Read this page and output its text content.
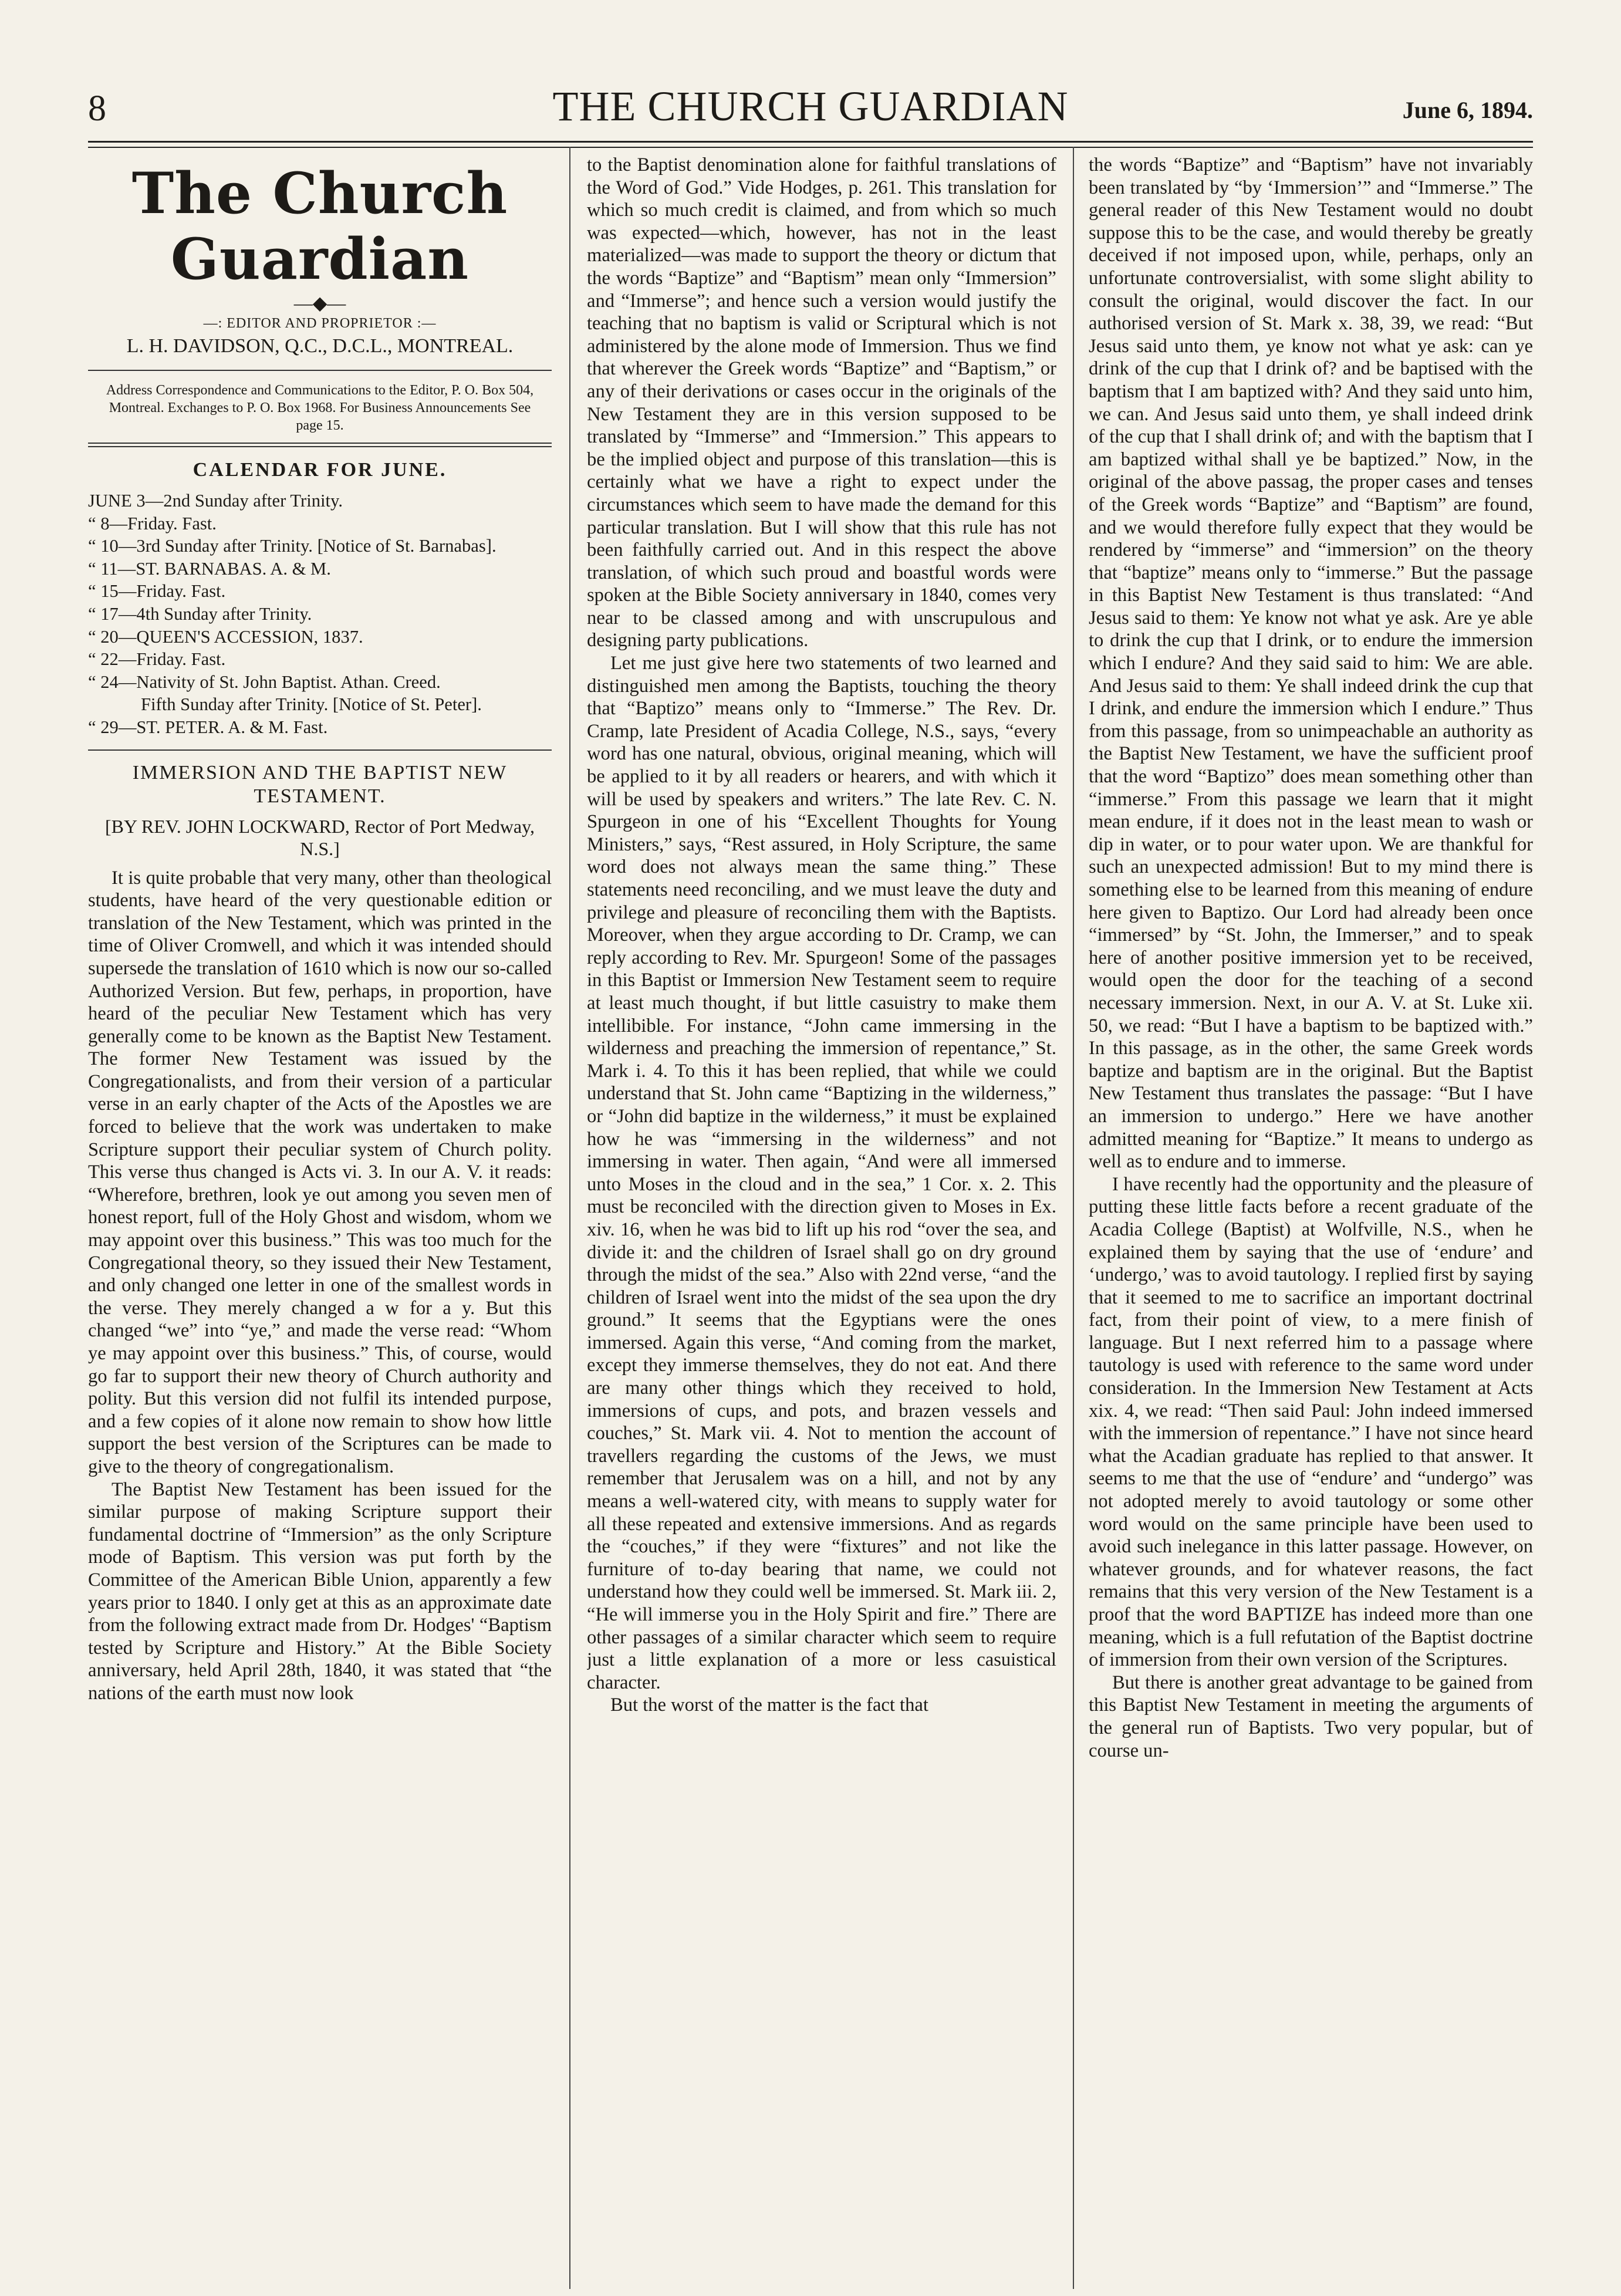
8	THE CHURCH GUARDIAN	June 6, 1894.
The Church Guardian
—◆—
—: EDITOR AND PROPRIETOR :—
L. H. DAVIDSON, Q.C., D.C.L., MONTREAL.
Address Correspondence and Communications to the Editor, P. O. Box 504, Montreal. Exchanges to P. O. Box 1968. For Business Announcements See page 15.
CALENDAR FOR JUNE.
JUNE 3—2nd Sunday after Trinity.
“ 8—Friday. Fast.
“ 10—3rd Sunday after Trinity. [Notice of St. Barnabas].
“ 11—ST. BARNABAS. A. & M.
“ 15—Friday. Fast.
“ 17—4th Sunday after Trinity.
“ 20—QUEEN'S ACCESSION, 1837.
“ 22—Friday. Fast.
“ 24—Nativity of St. John Baptist. Athan. Creed.
Fifth Sunday after Trinity. [Notice of St. Peter].
“ 29—ST. PETER. A. & M. Fast.
IMMERSION AND THE BAPTIST NEW TESTAMENT.
[BY REV. JOHN LOCKWARD, Rector of Port Medway, N.S.]

It is quite probable that very many, other than theological students, have heard of the very questionable edition or translation of the New Testament, which was printed in the time of Oliver Cromwell, and which it was intended should supersede the translation of 1610 which is now our so-called Authorized Version. But few, perhaps, in proportion, have heard of the peculiar New Testament which has very generally come to be known as the Baptist New Testament. The former New Testament was issued by the Congregationalists, and from their version of a particular verse in an early chapter of the Acts of the Apostles we are forced to believe that the work was undertaken to make Scripture support their peculiar system of Church polity. This verse thus changed is Acts vi. 3. In our A. V. it reads: “Wherefore, brethren, look ye out among you seven men of honest report, full of the Holy Ghost and wisdom, whom we may appoint over this business.” This was too much for the Congregational theory, so they issued their New Testament, and only changed one letter in one of the smallest words in the verse. They merely changed a w for a y. But this changed “we” into “ye,” and made the verse read: “Whom ye may appoint over this business.” This, of course, would go far to support their new theory of Church authority and polity. But this version did not fulfil its intended purpose, and a few copies of it alone now remain to show how little support the best version of the Scriptures can be made to give to the theory of congregationalism.

The Baptist New Testament has been issued for the similar purpose of making Scripture support their fundamental doctrine of “Immersion” as the only Scripture mode of Baptism. This version was put forth by the Committee of the American Bible Union, apparently a few years prior to 1840. I only get at this as an approximate date from the following extract made from Dr. Hodges' “Baptism tested by Scripture and History.” At the Bible Society anniversary, held April 28th, 1840, it was stated that “the nations of the earth must now look

to the Baptist denomination alone for faithful translations of the Word of God.” Vide Hodges, p. 261. This translation for which so much credit is claimed, and from which so much was expected—which, however, has not in the least materialized—was made to support the theory or dictum that the words “Baptize” and “Baptism” mean only “Immersion” and “Immerse”; and hence such a version would justify the teaching that no baptism is valid or Scriptural which is not administered by the alone mode of Immersion. Thus we find that wherever the Greek words “Baptize” and “Baptism,” or any of their derivations or cases occur in the originals of the New Testament they are in this version supposed to be translated by “Immerse” and “Immersion.” This appears to be the implied object and purpose of this translation—this is certainly what we have a right to expect under the circumstances which seem to have made the demand for this particular translation. But I will show that this rule has not been faithfully carried out. And in this respect the above translation, of which such proud and boastful words were spoken at the Bible Society anniversary in 1840, comes very near to be classed among and with unscrupulous and designing party publications.

Let me just give here two statements of two learned and distinguished men among the Baptists, touching the theory that “Baptizo” means only to “Immerse.” The Rev. Dr. Cramp, late President of Acadia College, N.S., says, “every word has one natural, obvious, original meaning, which will be applied to it by all readers or hearers, and with which it will be used by speakers and writers.” The late Rev. C. N. Spurgeon in one of his “Excellent Thoughts for Young Ministers,” says, “Rest assured, in Holy Scripture, the same word does not always mean the same thing.” These statements need reconciling, and we must leave the duty and privilege and pleasure of reconciling them with the Baptists. Moreover, when they argue according to Dr. Cramp, we can reply according to Rev. Mr. Spurgeon! Some of the passages in this Baptist or Immersion New Testament seem to require at least much thought, if but little casuistry to make them intellibible. For instance, “John came immersing in the wilderness and preaching the immersion of repentance,” St. Mark i. 4. To this it has been replied, that while we could understand that St. John came “Baptizing in the wilderness,” or “John did baptize in the wilderness,” it must be explained how he was “immersing in the wilderness” and not immersing in water. Then again, “And were all immersed unto Moses in the cloud and in the sea,” 1 Cor. x. 2. This must be reconciled with the direction given to Moses in Ex. xiv. 16, when he was bid to lift up his rod “over the sea, and divide it: and the children of Israel shall go on dry ground through the midst of the sea.” Also with 22nd verse, “and the children of Israel went into the midst of the sea upon the dry ground.” It seems that the Egyptians were the ones immersed. Again this verse, “And coming from the market, except they immerse themselves, they do not eat. And there are many other things which they received to hold, immersions of cups, and pots, and brazen vessels and couches,” St. Mark vii. 4. Not to mention the account of travellers regarding the customs of the Jews, we must remember that Jerusalem was on a hill, and not by any means a well-watered city, with means to supply water for all these repeated and extensive immersions. And as regards the “couches,” if they were “fixtures” and not like the furniture of to-day bearing that name, we could not understand how they could well be immersed. St. Mark iii. 2, “He will immerse you in the Holy Spirit and fire.” There are other passages of a similar character which seem to require just a little explanation of a more or less casuistical character.

But the worst of the matter is the fact that

the words “Baptize” and “Baptism” have not invariably been translated by “by ‘Immersion’” and “Immerse.” The general reader of this New Testament would no doubt suppose this to be the case, and would thereby be greatly deceived if not imposed upon, while, perhaps, only an unfortunate controversialist, with some slight ability to consult the original, would discover the fact. In our authorised version of St. Mark x. 38, 39, we read: “But Jesus said unto them, ye know not what ye ask: can ye drink of the cup that I drink of? and be baptised with the baptism that I am baptized with? And they said unto him, we can. And Jesus said unto them, ye shall indeed drink of the cup that I shall drink of; and with the baptism that I am baptized withal shall ye be baptized.” Now, in the original of the above passag, the proper cases and tenses of the Greek words “Baptize” and “Baptism” are found, and we would therefore fully expect that they would be rendered by “immerse” and “immersion” on the theory that “baptize” means only to “immerse.” But the passage in this Baptist New Testament is thus translated: “And Jesus said to them: Ye know not what ye ask. Are ye able to drink the cup that I drink, or to endure the immersion which I endure? And they said said to him: We are able. And Jesus said to them: Ye shall indeed drink the cup that I drink, and endure the immersion which I endure.” Thus from this passage, from so unimpeachable an authority as the Baptist New Testament, we have the sufficient proof that the word “Baptizo” does mean something other than “immerse.” From this passage we learn that it might mean endure, if it does not in the least mean to wash or dip in water, or to pour water upon. We are thankful for such an unexpected admission! But to my mind there is something else to be learned from this meaning of endure here given to Baptizo. Our Lord had already been once “immersed” by “St. John, the Immerser,” and to speak here of another positive immersion yet to be received, would open the door for the teaching of a second necessary immersion. Next, in our A. V. at St. Luke xii. 50, we read: “But I have a baptism to be baptized with.” In this passage, as in the other, the same Greek words baptize and baptism are in the original. But the Baptist New Testament thus translates the passage: “But I have an immersion to undergo.” Here we have another admitted meaning for “Baptize.” It means to undergo as well as to endure and to immerse.

I have recently had the opportunity and the pleasure of putting these little facts before a recent graduate of the Acadia College (Baptist) at Wolfville, N.S., when he explained them by saying that the use of ‘endure’ and ‘undergo,’ was to avoid tautology. I replied first by saying that it seemed to me to sacrifice an important doctrinal fact, from their point of view, to a mere finish of language. But I next referred him to a passage where tautology is used with reference to the same word under consideration. In the Immersion New Testament at Acts xix. 4, we read: “Then said Paul: John indeed immersed with the immersion of repentance.” I have not since heard what the Acadian graduate has replied to that answer. It seems to me that the use of “endure’ and “undergo” was not adopted merely to avoid tautology or some other word would on the same principle have been used to avoid such inelegance in this latter passage. However, on whatever grounds, and for whatever reasons, the fact remains that this very version of the New Testament is a proof that the word BAPTIZE has indeed more than one meaning, which is a full refutation of the Baptist doctrine of immersion from their own version of the Scriptures.

But there is another great advantage to be gained from this Baptist New Testament in meeting the arguments of the general run of Baptists. Two very popular, but of course un-
